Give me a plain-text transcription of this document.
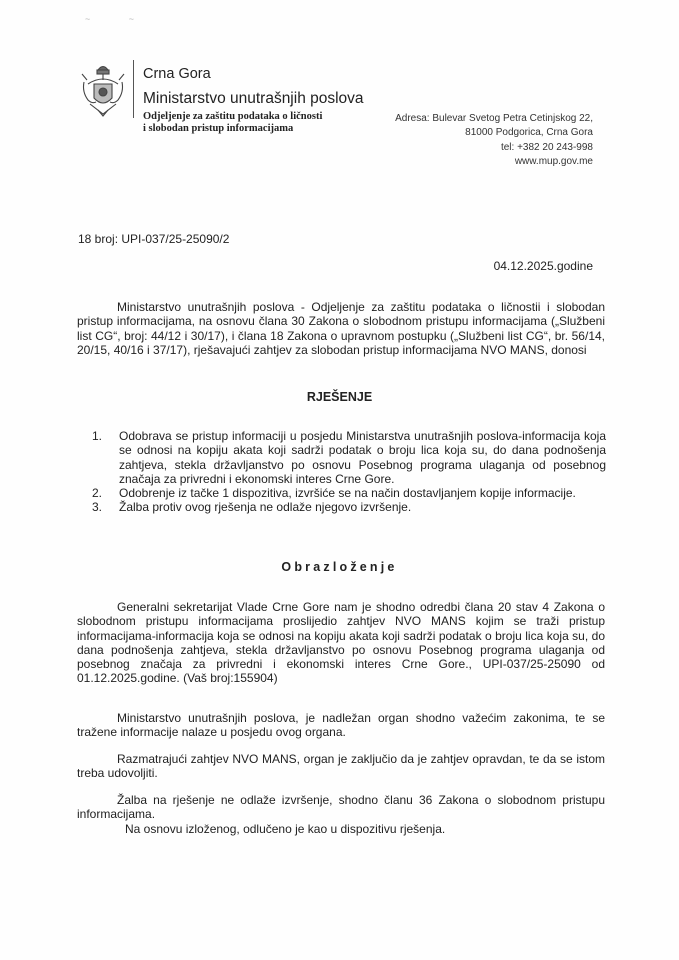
~ ~
Crna Gora
Ministarstvo unutrašnjih poslova
Odjeljenje za zaštitu podataka o ličnosti
i slobodan pristup informacijama
Adresa: Bulevar Svetog Petra Cetinjskog 22,
81000 Podgorica, Crna Gora
tel: +382 20 243-998
www.mup.gov.me
18 broj: UPI-037/25-25090/2
04.12.2025.godine
Ministarstvo unutrašnjih poslova - Odjeljenje za zaštitu podataka o ličnostii i slobodan pristup informacijama, na osnovu člana 30 Zakona o slobodnom pristupu informacijama („Službeni list CG“, broj: 44/12 i 30/17), i člana 18 Zakona o upravnom postupku („Službeni list CG“, br. 56/14, 20/15, 40/16 i 37/17), rješavajući zahtjev za slobodan pristup informacijama NVO MANS, donosi
RJEŠENJE
1. Odobrava se pristup informaciji u posjedu Ministarstva unutrašnjih poslova-informacija koja se odnosi na kopiju akata koji sadrži podatak o broju lica koja su, do dana podnošenja zahtjeva, stekla državljanstvo po osnovu Posebnog programa ulaganja od posebnog značaja za privredni i ekonomski interes Crne Gore.
2. Odobrenje iz tačke 1 dispozitiva, izvršiće se na način dostavljanjem kopije informacije.
3. Žalba protiv ovog rješenja ne odlaže njegovo izvršenje.
Obrazloženje
Generalni sekretarijat Vlade Crne Gore nam je shodno odredbi člana 20 stav 4 Zakona o slobodnom pristupu informacijama proslijedio zahtjev NVO MANS kojim se traži pristup informacijama-informacija koja se odnosi na kopiju akata koji sadrži podatak o broju lica koja su, do dana podnošenja zahtjeva, stekla državljanstvo po osnovu Posebnog programa ulaganja od posebnog značaja za privredni i ekonomski interes Crne Gore., UPI-037/25-25090 od 01.12.2025.godine. (Vaš broj:155904)
Ministarstvo unutrašnjih poslova, je nadležan organ shodno važećim zakonima, te se tražene informacije nalaze u posjedu ovog organa.
Razmatrajući zahtjev NVO MANS, organ je zaključio da je zahtjev opravdan, te da se istom treba udovoljiti.
Žalba na rješenje ne odlaže izvršenje, shodno članu 36 Zakona o slobodnom pristupu informacijama.
Na osnovu izloženog, odlučeno je kao u dispozitivu rješenja.
